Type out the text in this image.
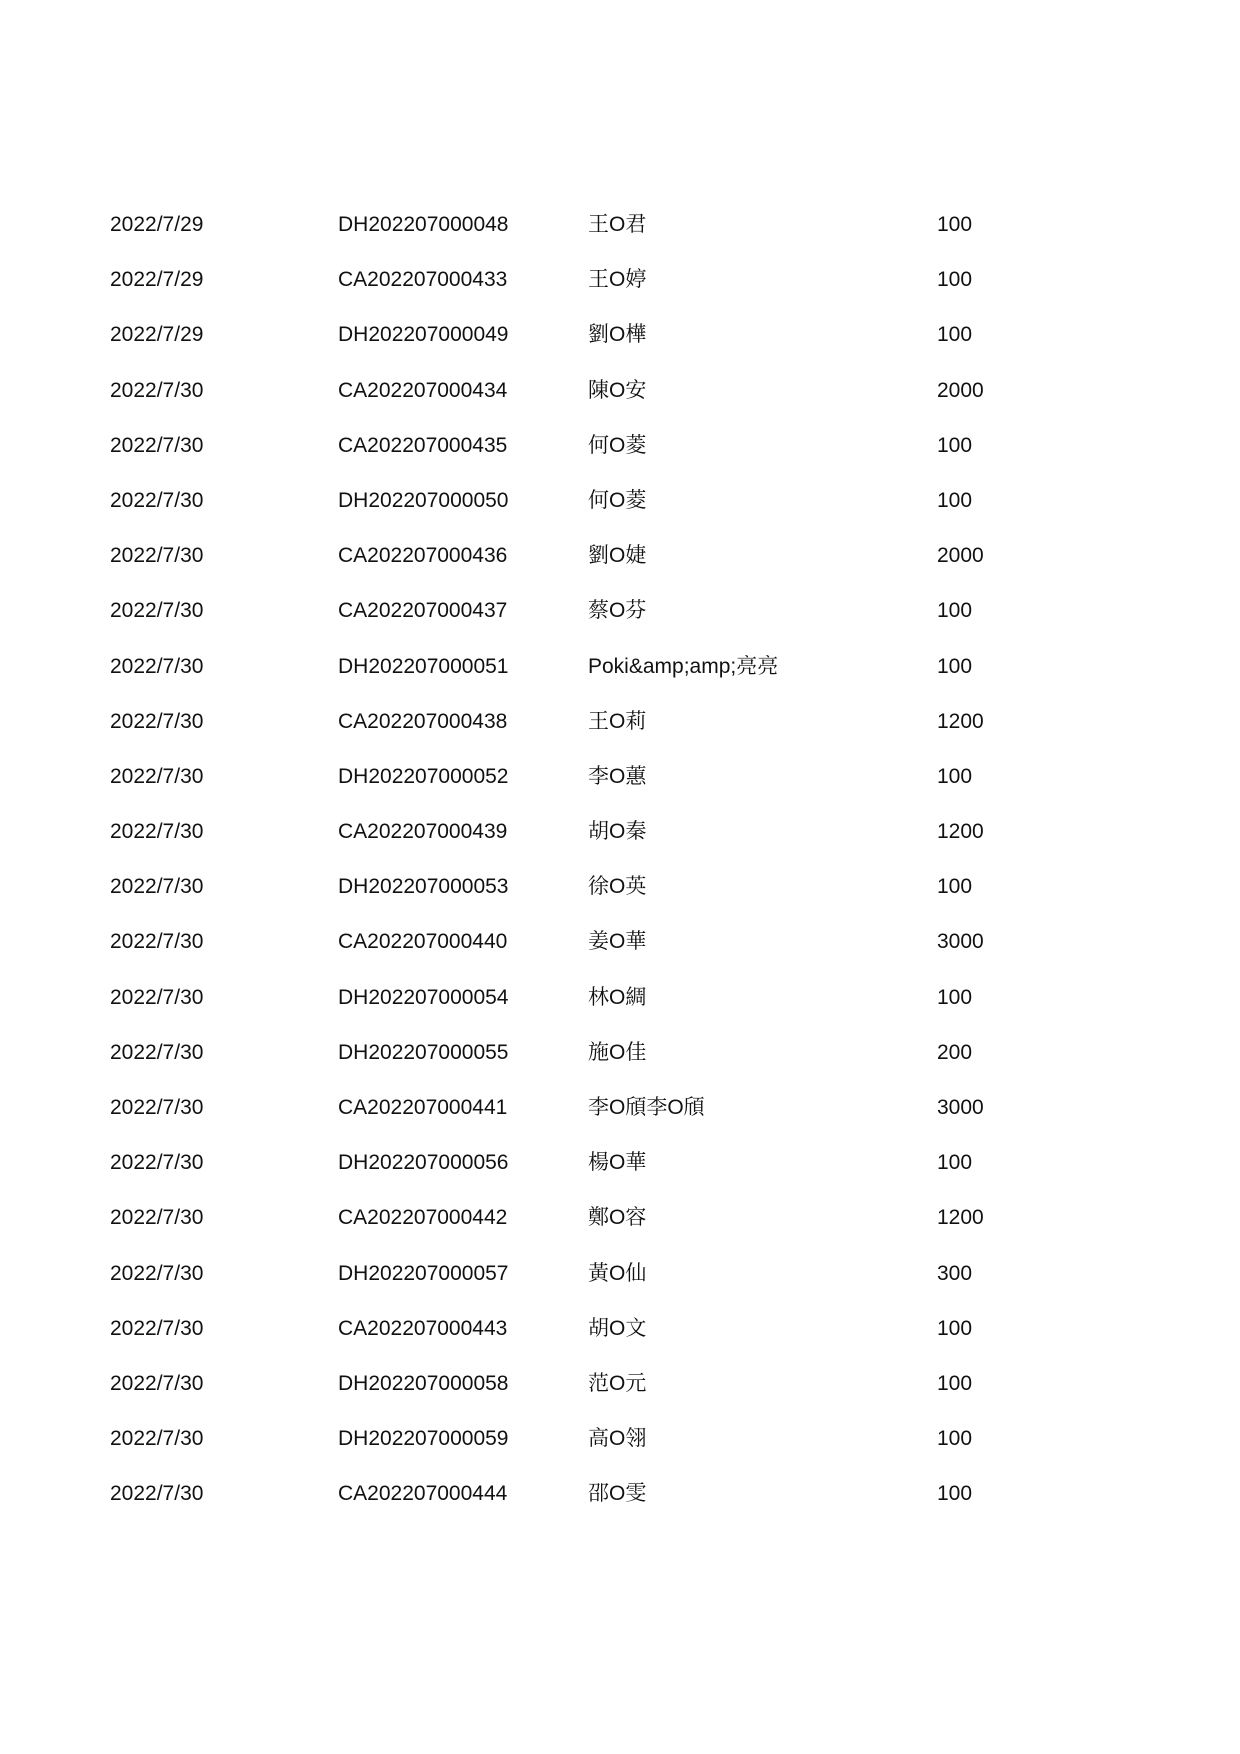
2022/7/29	DH202207000048	王O君	100
2022/7/29	CA202207000433	王O婷	100
2022/7/29	DH202207000049	劉O樺	100
2022/7/30	CA202207000434	陳O安	2000
2022/7/30	CA202207000435	何O菱	100
2022/7/30	DH202207000050	何O菱	100
2022/7/30	CA202207000436	劉O婕	2000
2022/7/30	CA202207000437	蔡O芬	100
2022/7/30	DH202207000051	Poki&amp;amp;亮亮	100
2022/7/30	CA202207000438	王O莉	1200
2022/7/30	DH202207000052	李O蕙	100
2022/7/30	CA202207000439	胡O秦	1200
2022/7/30	DH202207000053	徐O英	100
2022/7/30	CA202207000440	姜O華	3000
2022/7/30	DH202207000054	林O綢	100
2022/7/30	DH202207000055	施O佳	200
2022/7/30	CA202207000441	李O頎李O頎	3000
2022/7/30	DH202207000056	楊O華	100
2022/7/30	CA202207000442	鄭O容	1200
2022/7/30	DH202207000057	黃O仙	300
2022/7/30	CA202207000443	胡O文	100
2022/7/30	DH202207000058	范O元	100
2022/7/30	DH202207000059	高O翎	100
2022/7/30	CA202207000444	邵O雯	100
